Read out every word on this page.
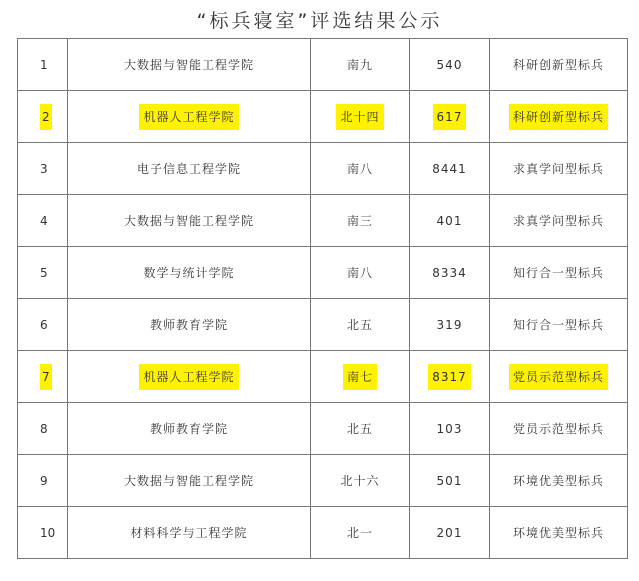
“标兵寝室”评选结果公示
1	大数据与智能工程学院	南九	540	科研创新型标兵
2	机器人工程学院	北十四	617	科研创新型标兵
3	电子信息工程学院	南八	8441	求真学问型标兵
4	大数据与智能工程学院	南三	401	求真学问型标兵
5	数学与统计学院	南八	8334	知行合一型标兵
6	教师教育学院	北五	319	知行合一型标兵
7	机器人工程学院	南七	8317	党员示范型标兵
8	教师教育学院	北五	103	党员示范型标兵
9	大数据与智能工程学院	北十六	501	环境优美型标兵
10	材料科学与工程学院	北一	201	环境优美型标兵
